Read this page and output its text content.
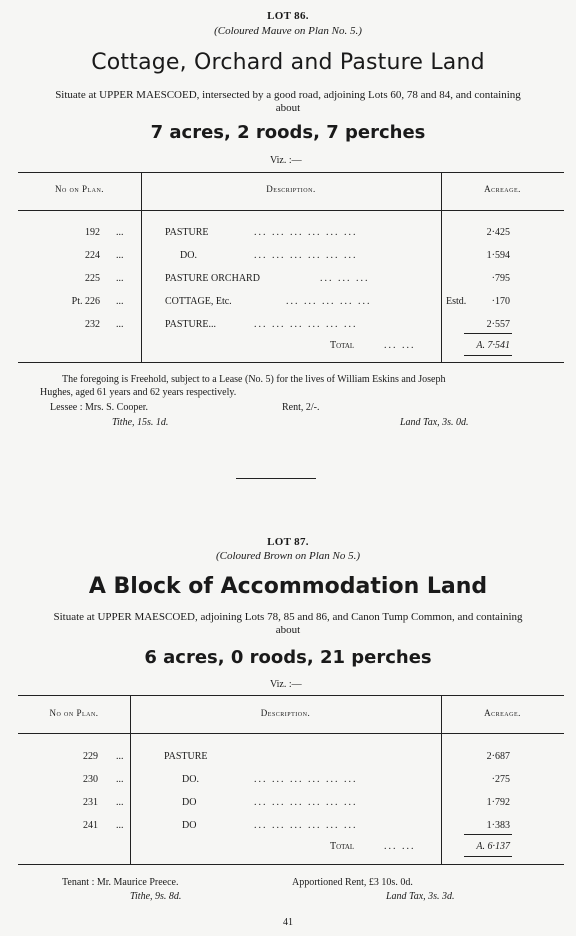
LOT 86.
(Coloured Mauve on Plan No. 5.)
Cottage, Orchard and Pasture Land
Situate at UPPER MAESCOED, intersected by a good road, adjoining Lots 60, 78 and 84, and containing
about
7 acres, 2 roods, 7 perches
Viz. :—
No on Plan.	Description.	Acreage.
192 ...	PASTURE	... ... ... ... ... ...	2·425
224 ...	DO.	... ... ... ... ... ...	1·594
225 ...	PASTURE ORCHARD	... ... ...	·795
Pt. 226 ...	COTTAGE, Etc.	... ... ... ... ...	Estd.	·170
232 ...	PASTURE...	... ... ... ... ... ...	2·557
Total	... ...	A. 7·541
The foregoing is Freehold, subject to a Lease (No. 5) for the lives of William Eskins and Joseph
Hughes, aged 61 years and 62 years respectively.
Lessee : Mrs. S. Cooper.	Rent, 2/-.
Tithe, 15s. 1d.	Land Tax, 3s. 0d.
LOT 87.
(Coloured Brown on Plan No 5.)
A Block of Accommodation Land
Situate at UPPER MAESCOED, adjoining Lots 78, 85 and 86, and Canon Tump Common, and containing
about
6 acres, 0 roods, 21 perches
Viz. :—
No on Plan.	Description.	Acreage.
229 ...	PASTURE	2·687
230 ...	DO.	... ... ... ... ... ...	·275
231 ...	DO	... ... ... ... ... ...	1·792
241 ...	DO	... ... ... ... ... ...	1·383
Total	... ...	A. 6·137
Tenant : Mr. Maurice Preece.	Apportioned Rent, £3 10s. 0d.
Tithe, 9s. 8d.	Land Tax, 3s. 3d.
41
